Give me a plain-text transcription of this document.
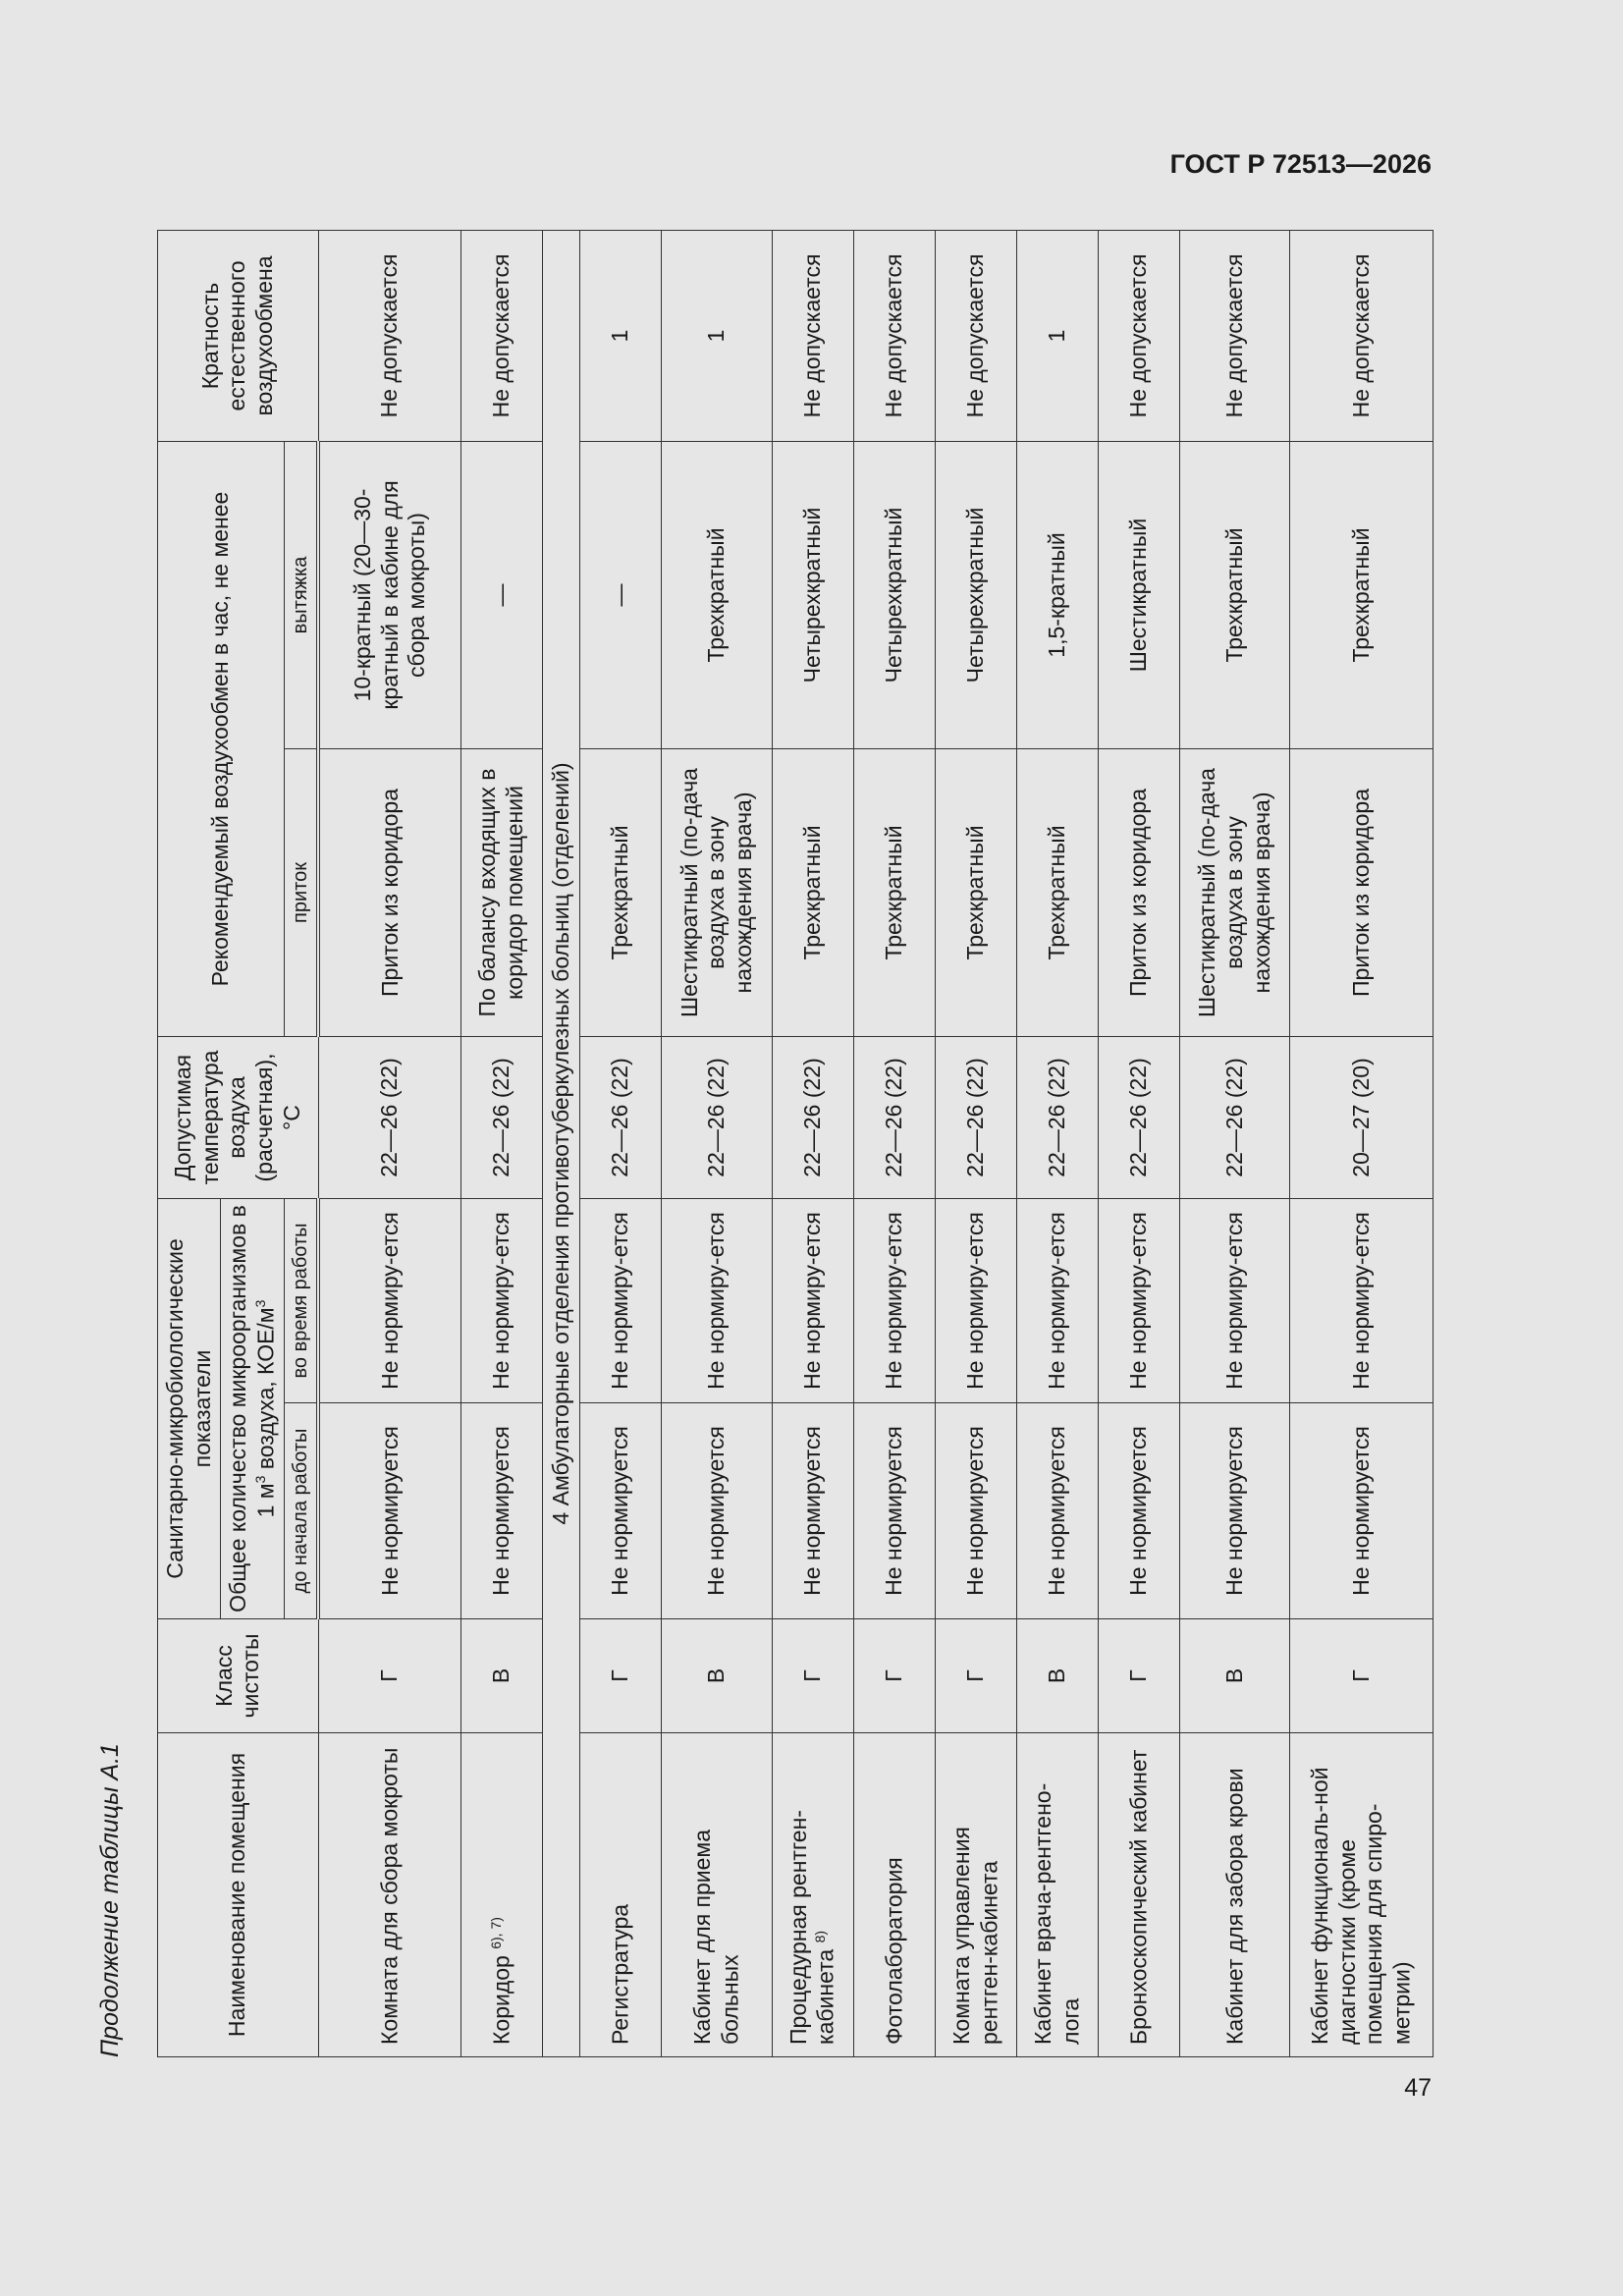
ГОСТ Р 72513—2026
Продолжение таблицы А.1	Наименование помещения	Класс чистоты	Санитарно-микробиологические показатели		Допустимая температура воздуха (расчетная), °С	Рекомендуемый воздухообмен в час, не менее		Кратность естественного воздухообмена
		Общее количество микроорганизмов в 1 $м^3$ воздуха, КОЕ/$м^3$
		до начала работы	во время работы		приток	вытяжка	
Комната для сбора мокроты	Г	Не нормируется	Не нормиру-ется	22—26 (22)	Приток из коридора	10-кратный (20—30-кратный в кабине для сбора мокроты)	Не допускается
Коридор $^{6), 7)}$	В	Не нормируется	Не нормиру-ется	22—26 (22)	По балансу входящих в коридор помещений	—	Не допускается
4 Амбулаторные отделения противотуберкулезных больниц (отделений)							
Регистратура	Г	Не нормируется	Не нормиру-ется	22—26 (22)	Трехкратный	—	1
Кабинет для приема больных	В	Не нормируется	Не нормиру-ется	22—26 (22)	Шестикратный (по-дача воздуха в зону нахождения врача)	Трехкратный	1
Процедурная рентген-кабинета $^{8)}$	Г	Не нормируется	Не нормиру-ется	22—26 (22)	Трехкратный	Четырехкратный	Не допускается
Фотолаборатория	Г	Не нормируется	Не нормиру-ется	22—26 (22)	Трехкратный	Четырехкратный	Не допускается
Комната управления рентген-кабинета	Г	Не нормируется	Не нормиру-ется	22—26 (22)	Трехкратный	Четырехкратный	Не допускается
Кабинет врача-рентгено-лога	В	Не нормируется	Не нормиру-ется	22—26 (22)	Трехкратный	1,5-кратный	1
Бронхоскопический кабинет	Г	Не нормируется	Не нормиру-ется	22—26 (22)	Приток из коридора	Шестикратный	Не допускается
Кабинет для забора крови	В	Не нормируется	Не нормиру-ется	22—26 (22)	Шестикратный (по-дача воздуха в зону нахождения врача)	Трехкратный	Не допускается
Кабинет функциональ-ной диагностики (кроме помещения для спиро-метрии)	Г	Не нормируется	Не нормиру-ется	20—27 (20)	Приток из коридора	Трехкратный	Не допускается
47
